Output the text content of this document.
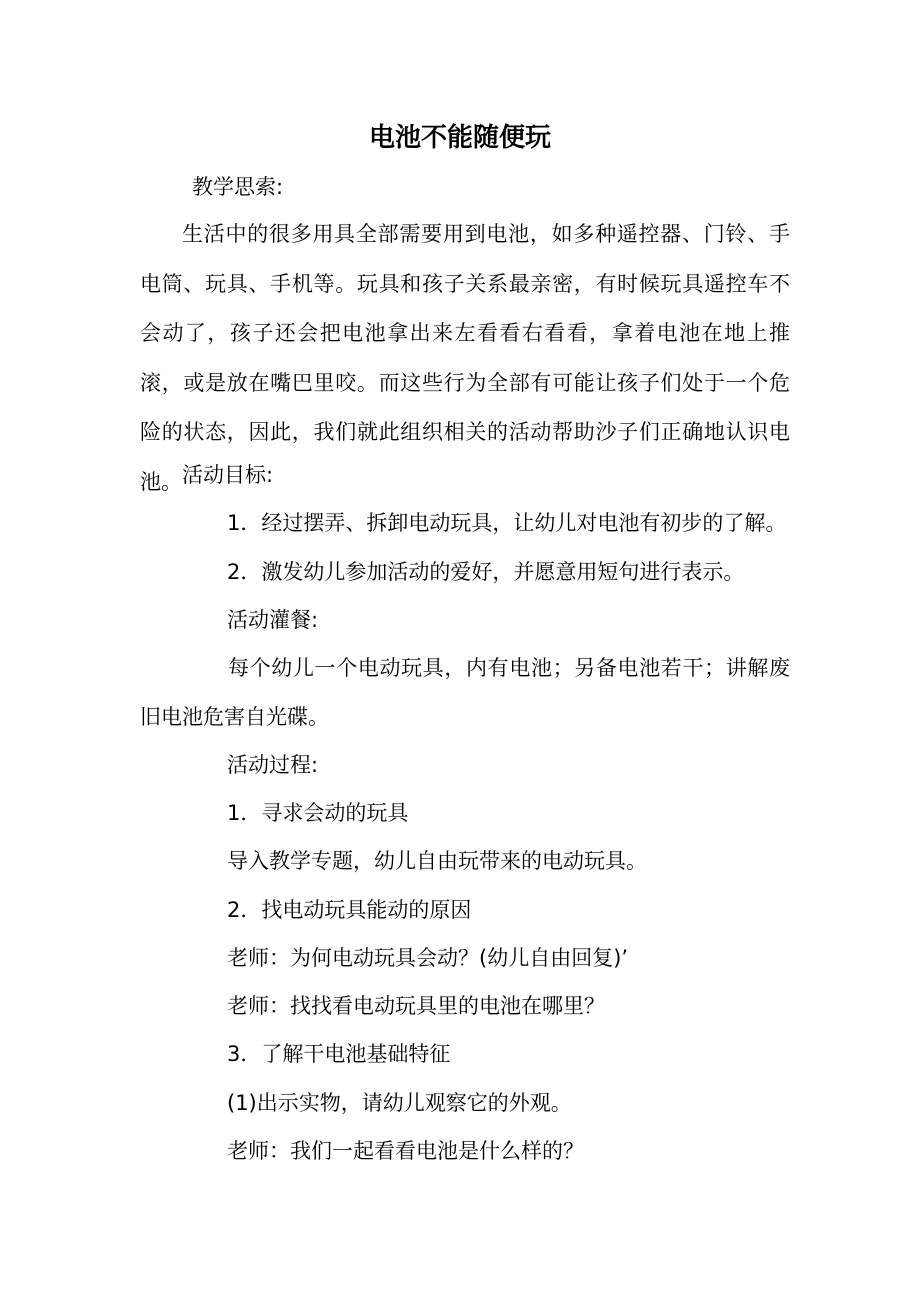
电池不能随便玩

教学思索:

生活中的很多用具全部需要用到电池，如多种遥控器、门铃、手电筒、玩具、手机等。玩具和孩子关系最亲密，有时候玩具遥控车不会动了，孩子还会把电池拿出来左看看右看看，拿着电池在地上推滚，或是放在嘴巴里咬。而这些行为全部有可能让孩子们处于一个危险的状态，因此，我们就此组织相关的活动帮助沙子们正确地认识电池。 活动目标:

1．经过摆弄、拆卸电动玩具，让幼儿对电池有初步的了解。

2．激发幼儿参加活动的爱好，并愿意用短句进行表示。

活动灌餐:

每个幼儿一个电动玩具，内有电池；另备电池若干；讲解废旧电池危害自光碟。

活动过程:

1．寻求会动的玩具

导入教学专题，幼儿自由玩带来的电动玩具。

2．找电动玩具能动的原因

老师：为何电动玩具会动？(幼儿自由回复)’

老师：找找看电动玩具里的电池在哪里？

3．了解干电池基础特征

(1)出示实物，请幼儿观察它的外观。

老师：我们一起看看电池是什么样的？
